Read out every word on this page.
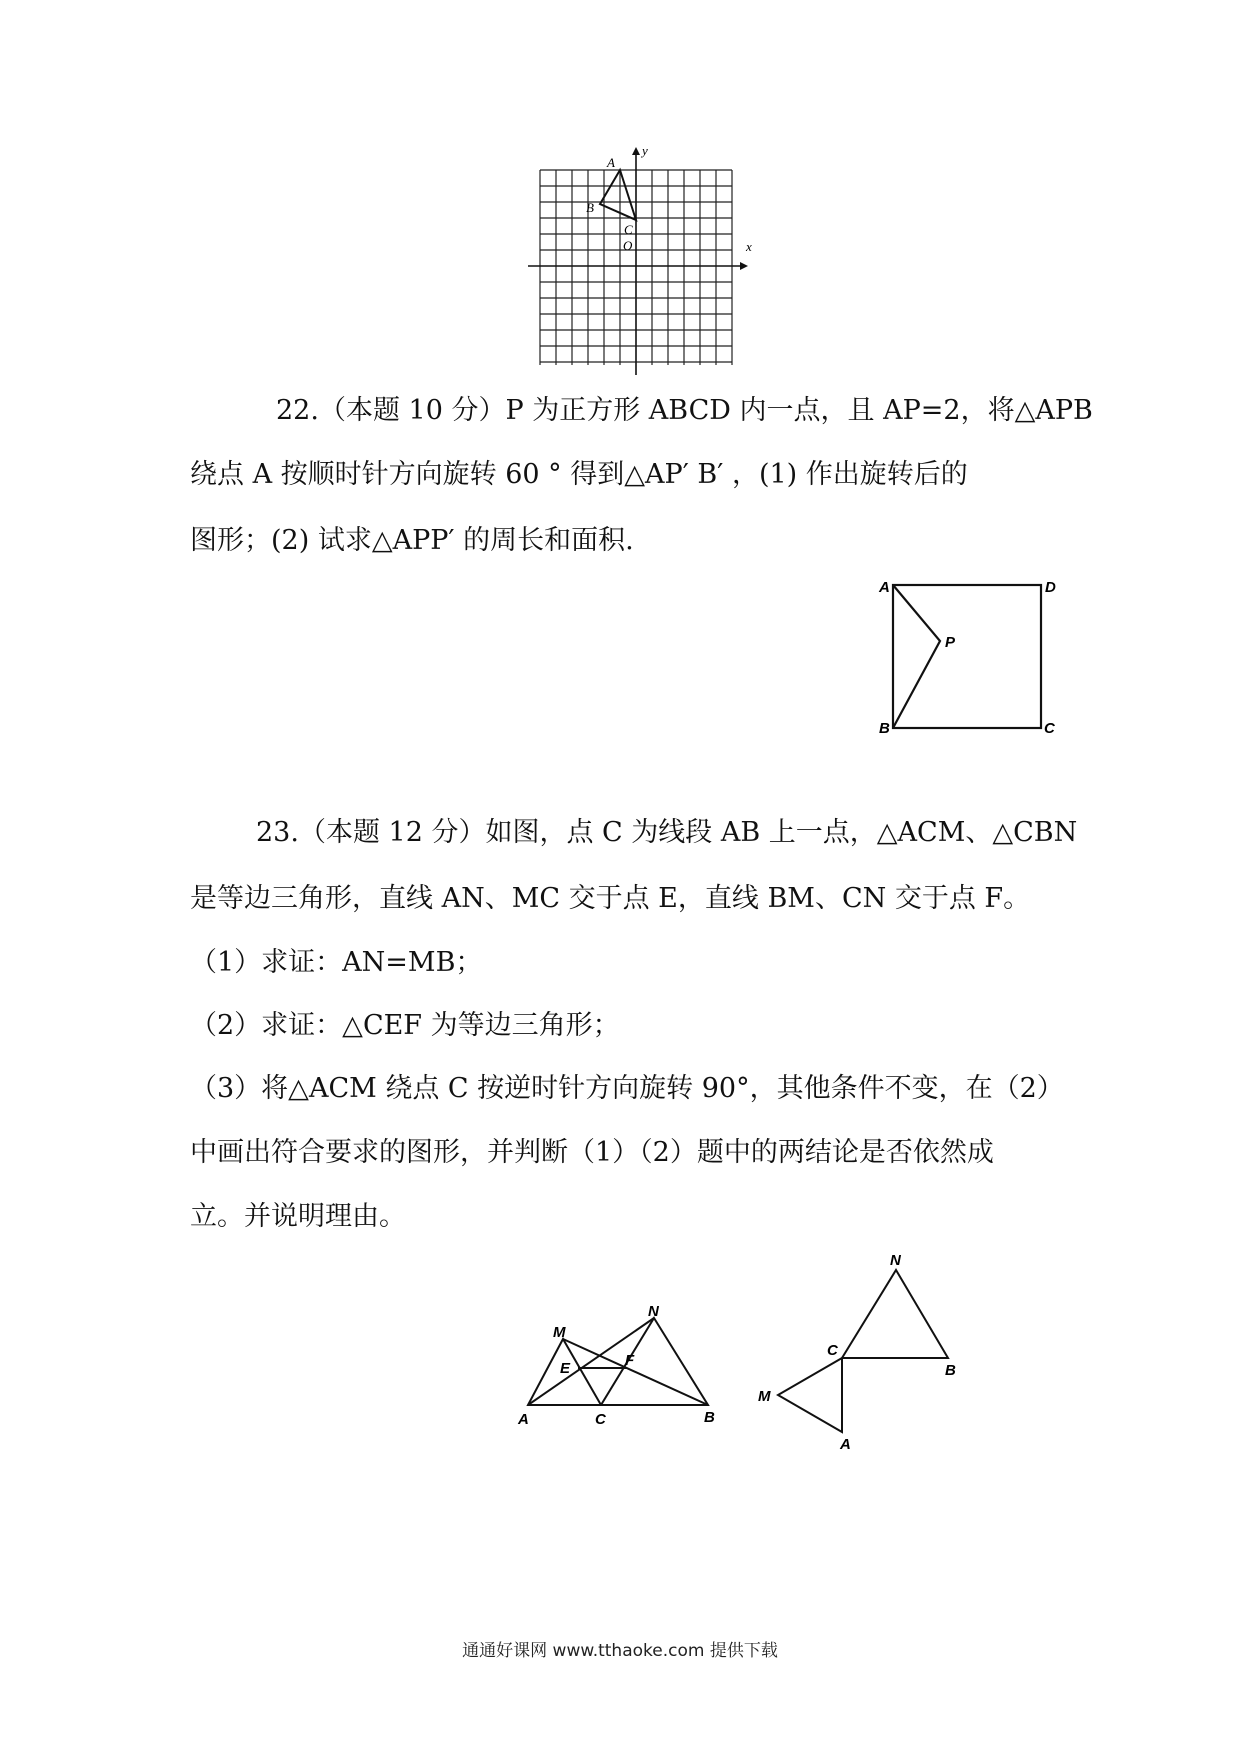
A
B
C
O	x
y

22.（本题 10 分）P 为正方形 ABCD 内一点，且 AP=2，将△APB

绕点 A 按顺时针方向旋转 60 ° 得到△AP′ B′ ，(1) 作出旋转后的

图形；(2) 试求△APP′ 的周长和面积.

A	D
P
B	C

23.（本题 12 分）如图，点 C 为线段 AB 上一点，△ACM、△CBN

是等边三角形，直线 AN、MC 交于点 E，直线 BM、CN 交于点 F。

（1）求证：AN=MB；

（2）求证：△CEF 为等边三角形；

（3）将△ACM 绕点 C 按逆时针方向旋转 90°，其他条件不变，在（2）

中画出符合要求的图形，并判断（1）（2）题中的两结论是否依然成

立。并说明理由。

A	C	B
M
N
E	F
N
C
B
M
A
通通好课网 www.tthaoke.com 提供下载
